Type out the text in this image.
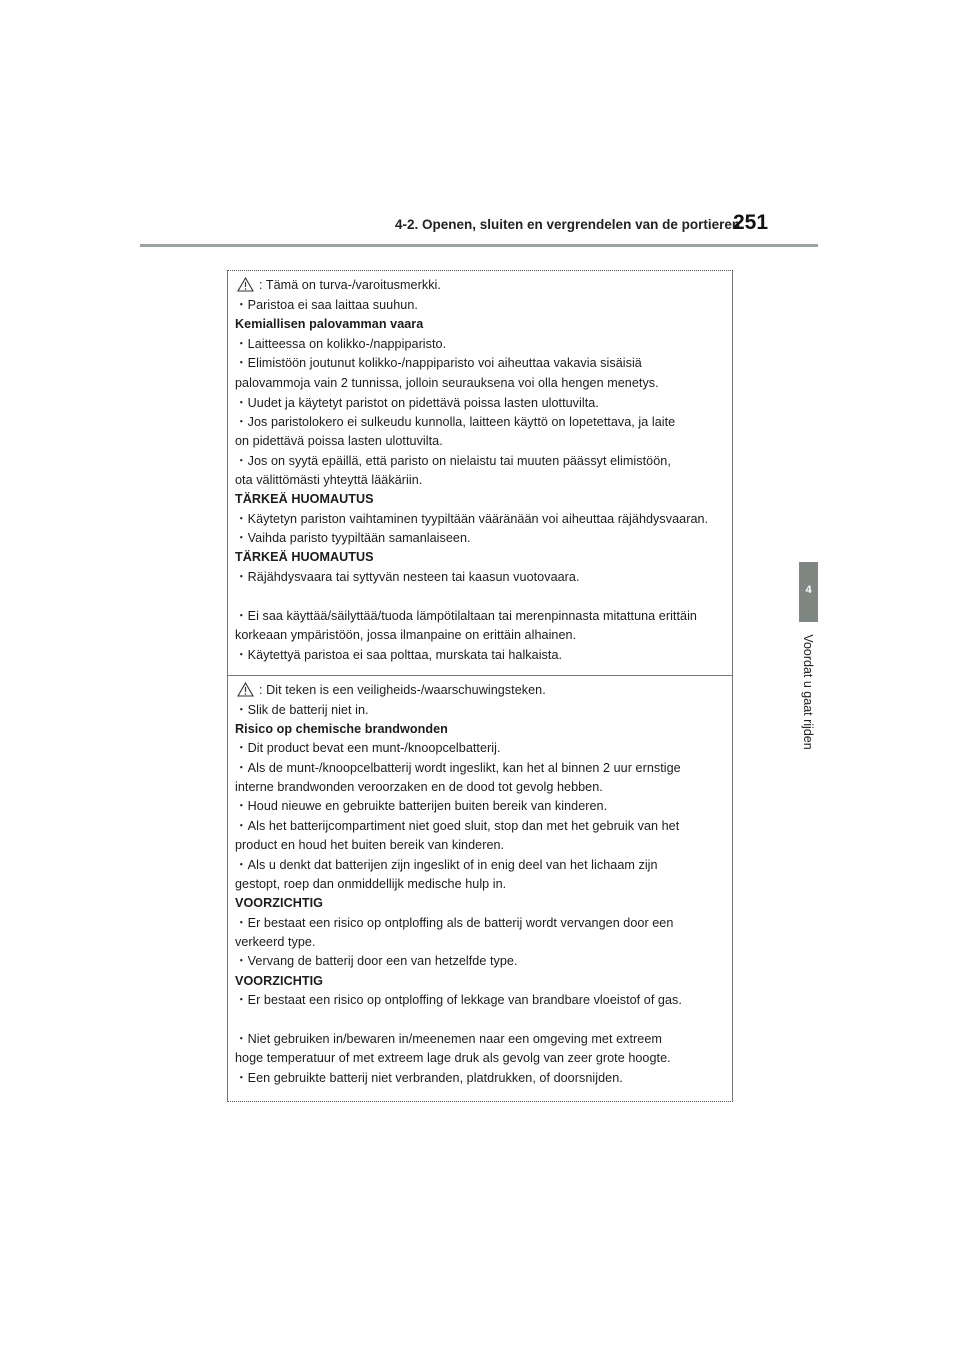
4-2. Openen, sluiten en vergrendelen van de portieren
251
4
Voordat u gaat rijden
: Tämä on turva-/varoitusmerkki.
・Paristoa ei saa laittaa suuhun.
Kemiallisen palovamman vaara
・Laitteessa on kolikko-/nappiparisto.
・Elimistöön joutunut kolikko-/nappiparisto voi aiheuttaa vakavia sisäisiä
palovammoja vain 2 tunnissa, jolloin seurauksena voi olla hengen menetys.
・Uudet ja käytetyt paristot on pidettävä poissa lasten ulottuvilta.
・Jos paristolokero ei sulkeudu kunnolla, laitteen käyttö on lopetettava, ja laite
on pidettävä poissa lasten ulottuvilta.
・Jos on syytä epäillä, että paristo on nielaistu tai muuten päässyt elimistöön,
ota välittömästi yhteyttä lääkäriin.
TÄRKEÄ HUOMAUTUS
・Käytetyn pariston vaihtaminen tyypiltään vääränään voi aiheuttaa räjähdysvaaran.
・Vaihda paristo tyypiltään samanlaiseen.
TÄRKEÄ HUOMAUTUS
・Räjähdysvaara tai syttyvän nesteen tai kaasun vuotovaara.
・Ei saa käyttää/säilyttää/tuoda lämpötilaltaan tai merenpinnasta mitattuna erittäin
korkeaan ympäristöön, jossa ilmanpaine on erittäin alhainen.
・Käytettyä paristoa ei saa polttaa, murskata tai halkaista.
: Dit teken is een veiligheids-/waarschuwingsteken.
・Slik de batterij niet in.
Risico op chemische brandwonden
・Dit product bevat een munt-/knoopcelbatterij.
・Als de munt-/knoopcelbatterij wordt ingeslikt, kan het al binnen 2 uur ernstige
interne brandwonden veroorzaken en de dood tot gevolg hebben.
・Houd nieuwe en gebruikte batterijen buiten bereik van kinderen.
・Als het batterijcompartiment niet goed sluit, stop dan met het gebruik van het
product en houd het buiten bereik van kinderen.
・Als u denkt dat batterijen zijn ingeslikt of in enig deel van het lichaam zijn
gestopt, roep dan onmiddellijk medische hulp in.
VOORZICHTIG
・Er bestaat een risico op ontploffing als de batterij wordt vervangen door een
verkeerd type.
・Vervang de batterij door een van hetzelfde type.
VOORZICHTIG
・Er bestaat een risico op ontploffing of lekkage van brandbare vloeistof of gas.
・Niet gebruiken in/bewaren in/meenemen naar een omgeving met extreem
hoge temperatuur of met extreem lage druk als gevolg van zeer grote hoogte.
・Een gebruikte batterij niet verbranden, platdrukken, of doorsnijden.
